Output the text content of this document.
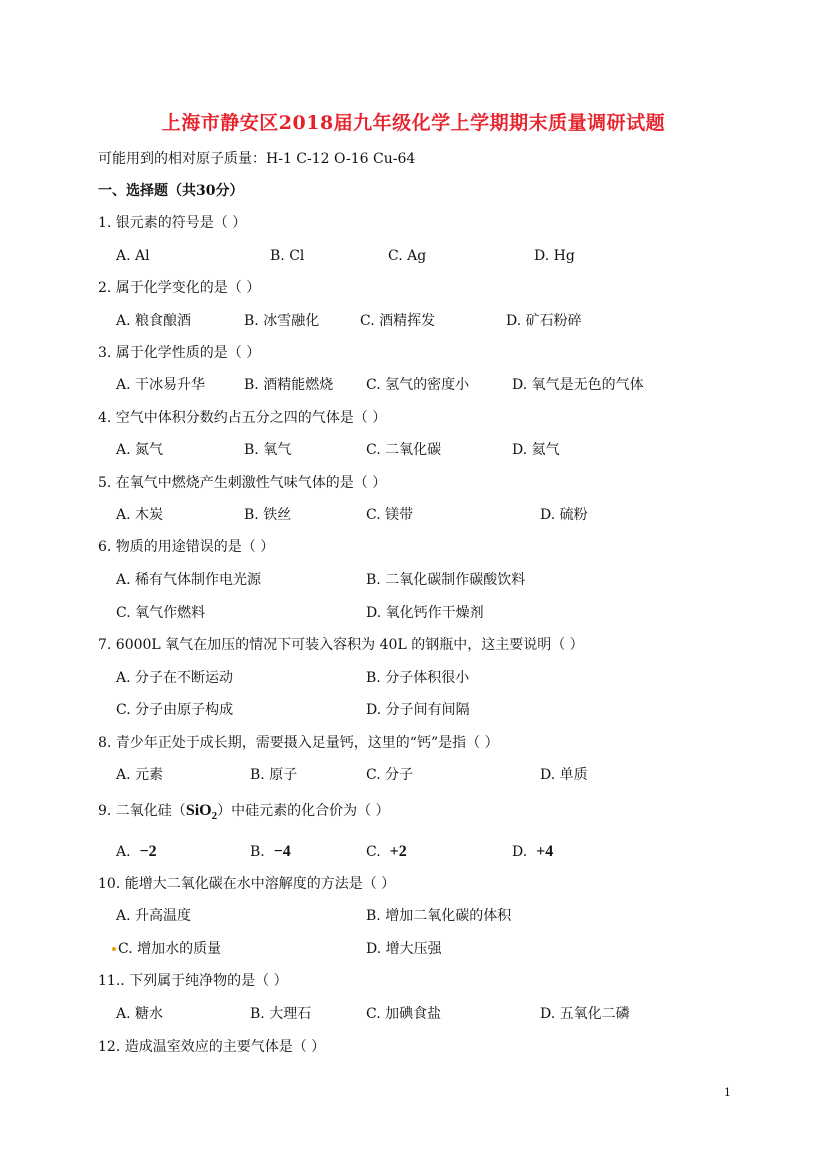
上海市静安区2018届九年级化学上学期期末质量调研试题
可能用到的相对原子质量：H-1 C-12 O-16 Cu-64
一、选择题（共30分）
1. 银元素的符号是（ ）
A. Al	B. Cl	C. Ag	D. Hg
2. 属于化学变化的是（ ）
A. 粮食酿酒	B. 冰雪融化	C. 酒精挥发	D. 矿石粉碎
3. 属于化学性质的是（ ）
A. 干冰易升华	B. 酒精能燃烧 C. 氢气的密度小	D. 氧气是无色的气体
4. 空气中体积分数约占五分之四的气体是（ ）
A. 氮气	B. 氧气	C. 二氧化碳	D. 氦气
5. 在氧气中燃烧产生刺激性气味气体的是（ ）
A. 木炭	B. 铁丝	C. 镁带	D. 硫粉
6. 物质的用途错误的是（ ）
A. 稀有气体制作电光源	B. 二氧化碳制作碳酸饮料
C. 氧气作燃料	D. 氧化钙作干燥剂
7. 6000L 氧气在加压的情况下可装入容积为 40L 的钢瓶中，这主要说明（ ）
A. 分子在不断运动	B. 分子体积很小
C. 分子由原子构成	D. 分子间有间隔
8. 青少年正处于成长期，需要摄入足量钙，这里的“钙”是指（ ）
A. 元素	B. 原子	C. 分子	D. 单质
9. 二氧化硅（SiO$_2$）中硅元素的化合价为（ ）
A. −2	B. −4	C. +2	D. +4
10. 能增大二氧化碳在水中溶解度的方法是（ ）
A. 升高温度	B. 增加二氧化碳的体积
C. 增加水的质量	D. 增大压强
11.. 下列属于纯净物的是（ ）
A. 糖水	B. 大理石	C. 加碘食盐	D. 五氧化二磷
12. 造成温室效应的主要气体是（ ）
1
